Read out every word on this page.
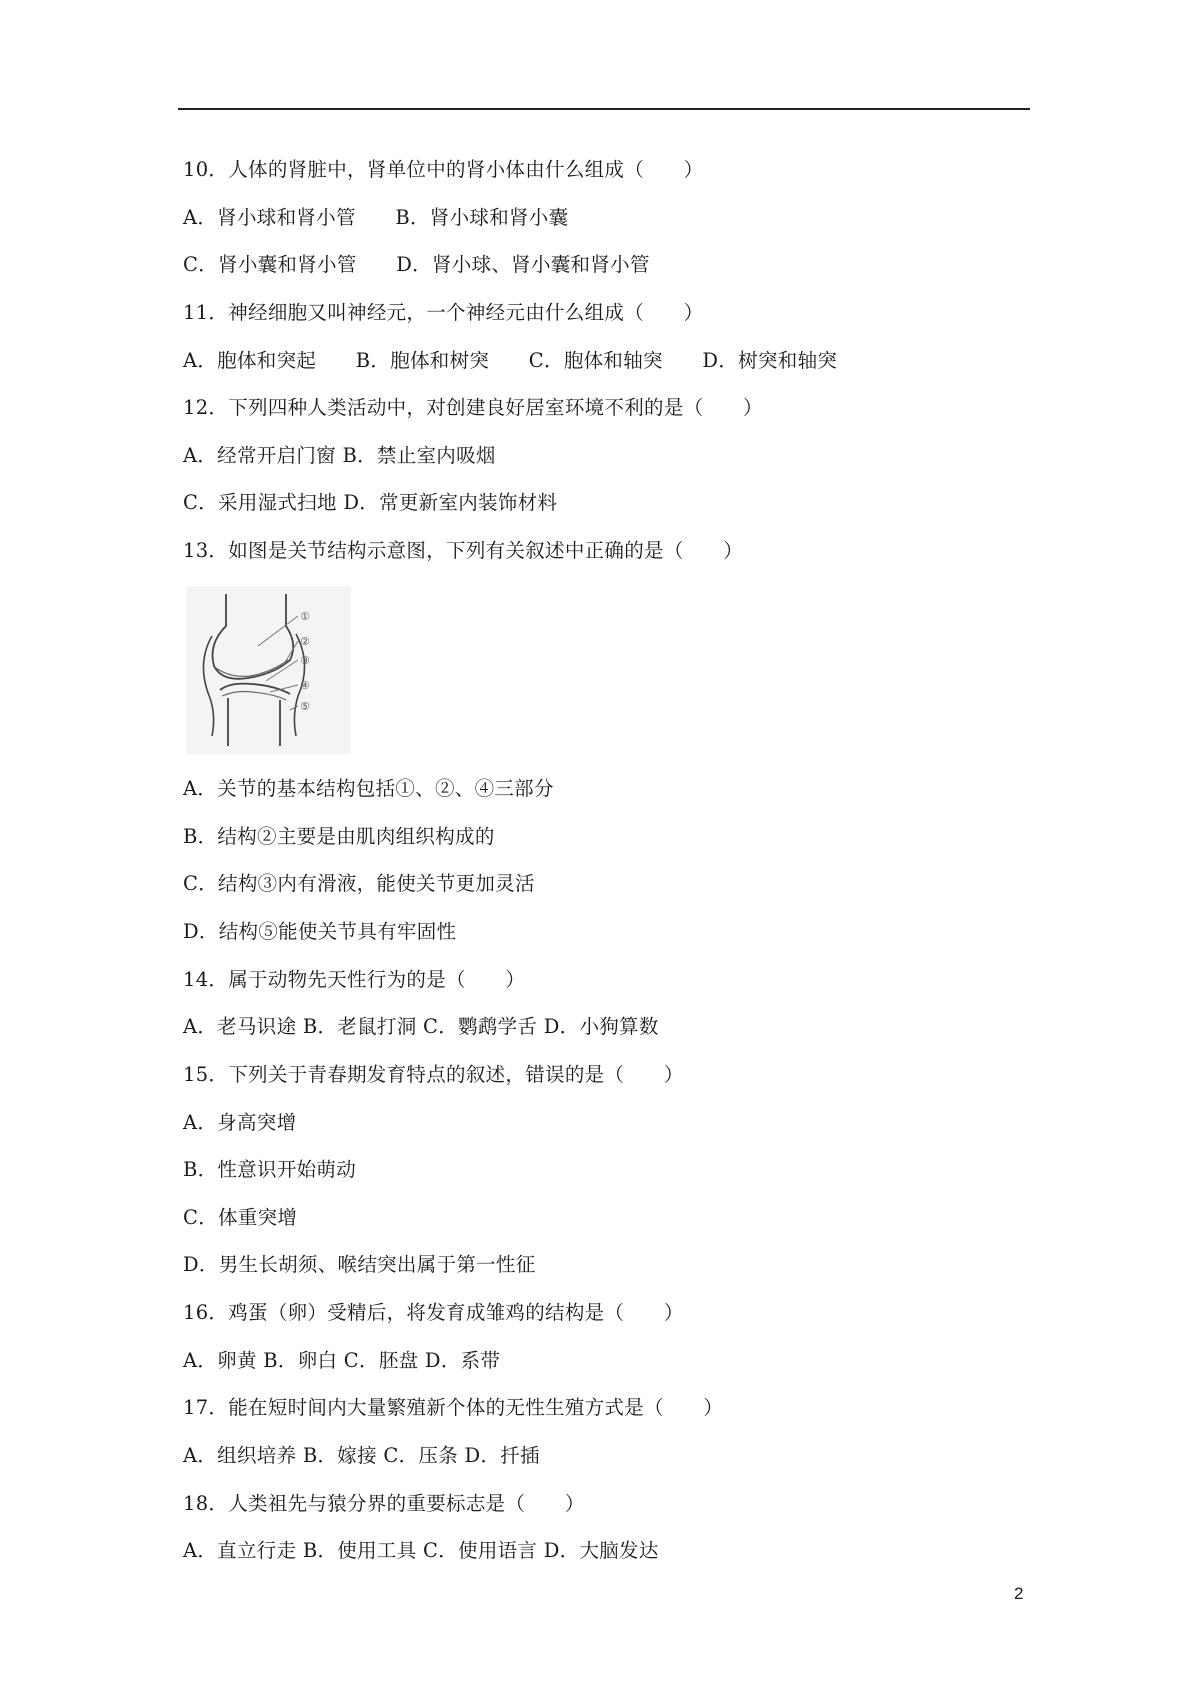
10．人体的肾脏中，肾单位中的肾小体由什么组成（　　）
A．肾小球和肾小管　　B．肾小球和肾小囊
C．肾小囊和肾小管　　D．肾小球、肾小囊和肾小管
11．神经细胞又叫神经元，一个神经元由什么组成（　　）
A．胞体和突起　　B．胞体和树突　　C．胞体和轴突　　D．树突和轴突
12．下列四种人类活动中，对创建良好居室环境不利的是（　　）
A．经常开启门窗 B．禁止室内吸烟
C．采用湿式扫地 D．常更新室内装饰材料
13．如图是关节结构示意图，下列有关叙述中正确的是（　　）
①
②
③
④
⑤
A．关节的基本结构包括①、②、④三部分
B．结构②主要是由肌肉组织构成的
C．结构③内有滑液，能使关节更加灵活
D．结构⑤能使关节具有牢固性
14．属于动物先天性行为的是（　　）
A．老马识途 B．老鼠打洞 C．鹦鹉学舌 D．小狗算数
15．下列关于青春期发育特点的叙述，错误的是（　　）
A．身高突增
B．性意识开始萌动
C．体重突增
D．男生长胡须、喉结突出属于第一性征
16．鸡蛋（卵）受精后，将发育成雏鸡的结构是（　　）
A．卵黄 B．卵白 C．胚盘 D．系带
17．能在短时间内大量繁殖新个体的无性生殖方式是（　　）
A．组织培养 B．嫁接 C．压条 D．扦插
18．人类祖先与猿分界的重要标志是（　　）
A．直立行走 B．使用工具 C．使用语言 D．大脑发达
2
